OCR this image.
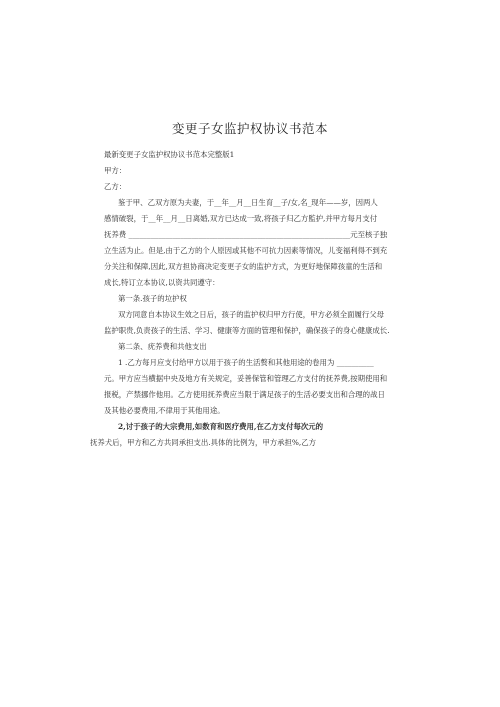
变更子女监护权协议书范本

最新变更子女监护权协议书范本完整版1

甲方：

乙方：

鉴于甲、乙双方原为夫妻，于__年__月__日生育__子/女,名_现年——岁，因两人

感情破裂，于__年__月__日离婚,双方已达成一致,将孩子归乙方監护,并甲方每月支付

抚养费 ____________________________________________________________元至核子独

立生活为止。但是,由于乙方的个人原因或其他不可抗力因素等情况，儿变福利得不到充

分关注和保障,因此,双方担协商决定变更子女的监护方式，为更好地保障孩童的生活和

成长,特订立本协议,以资共同遵守：

第一条.孩子的垃护权

双方同意自本协议生效之日后，孩子的监护权归甲方行使，甲方必须全面履行父母

监护职贵,负责孩子的生活、学习、健康等方面的管理和保护，确保孩子的身心健康成长.

第二条、疣养费和共他支出

1 .乙方每月应支付给甲方以用于孩子的生活赘和其他用途的卷用为 __________

元。甲方应当横据中央及地方有关规定，妥善保管和管理乙方支付的抚养费,按期使用和

报税，产禁挪作他用。乙方使用抚养费应当限于满足孩子的生活必要支出和合理的战日

及其他必要费用,不律用于其他用途。

2,讨于孩子的大宗费用,如数育和医疗费用,在乙方支付每次元的

抚养犬后，甲方和乙方共同承担支出.具体的比例为，甲方承担%,乙方
